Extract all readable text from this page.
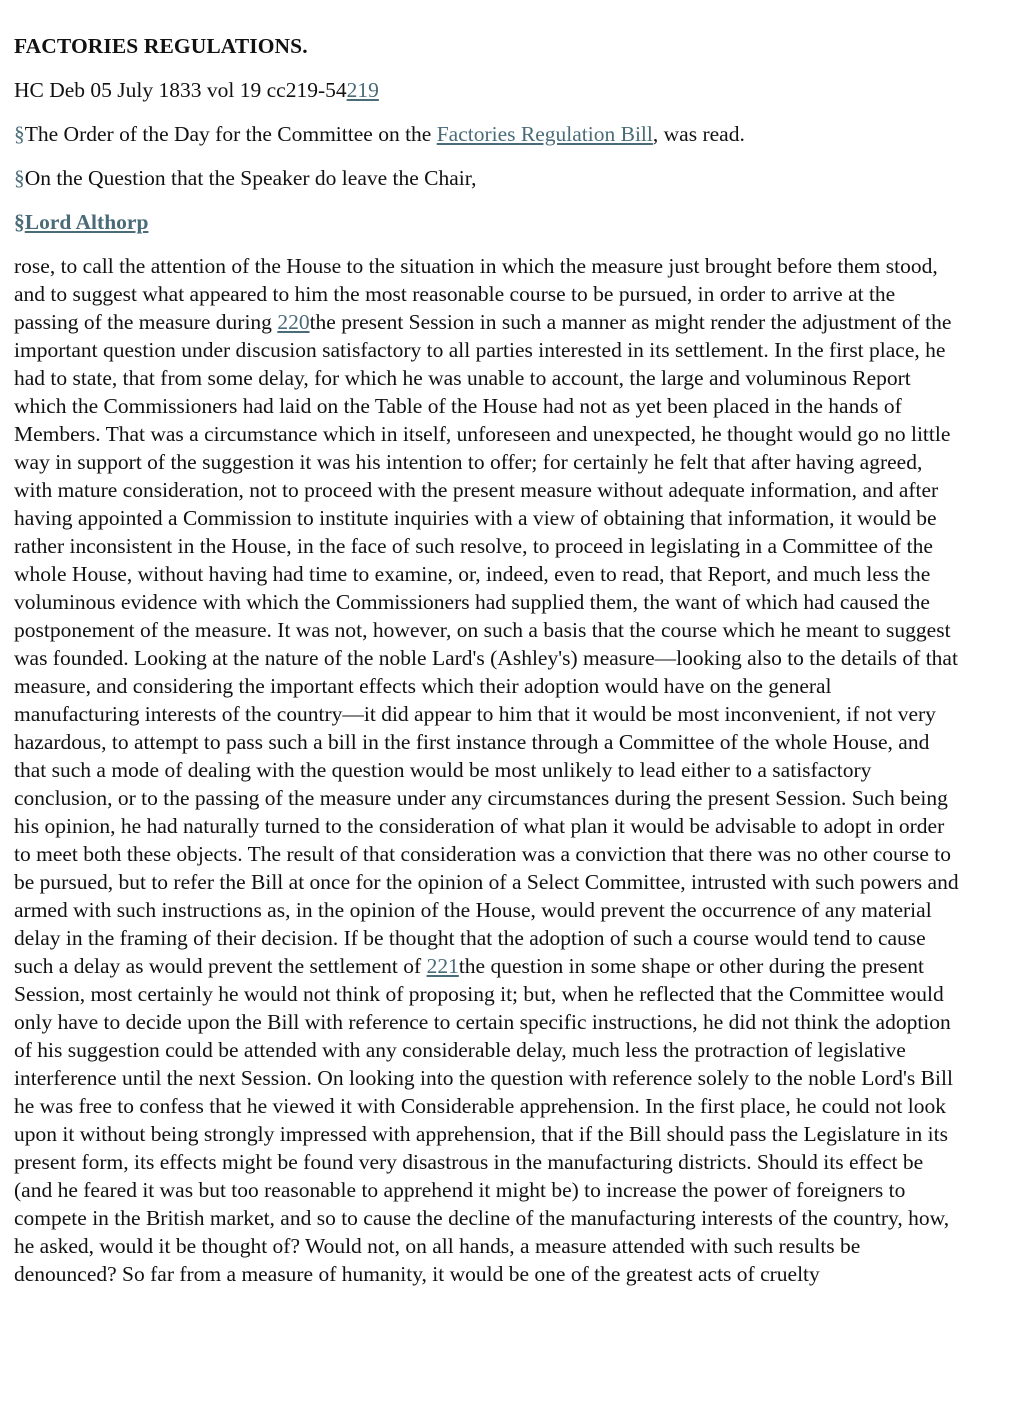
FACTORIES REGULATIONS.
HC Deb 05 July 1833 vol 19 cc219-54219
§The Order of the Day for the Committee on the Factories Regulation Bill, was read.
§On the Question that the Speaker do leave the Chair,
§Lord Althorp
rose, to call the attention of the House to the situation in which the measure just brought before them stood, and to suggest what appeared to him the most reasonable course to be pursued, in order to arrive at the passing of the measure during 220the present Session in such a manner as might render the adjustment of the important question under discusion satisfactory to all parties interested in its settlement. In the first place, he had to state, that from some delay, for which he was unable to account, the large and voluminous Report which the Commissioners had laid on the Table of the House had not as yet been placed in the hands of Members. That was a circumstance which in itself, unforeseen and unexpected, he thought would go no little way in support of the suggestion it was his intention to offer; for certainly he felt that after having agreed, with mature consideration, not to proceed with the present measure without adequate information, and after having appointed a Commission to institute inquiries with a view of obtaining that information, it would be rather inconsistent in the House, in the face of such resolve, to proceed in legislating in a Committee of the whole House, without having had time to examine, or, indeed, even to read, that Report, and much less the voluminous evidence with which the Commissioners had supplied them, the want of which had caused the postponement of the measure. It was not, however, on such a basis that the course which he meant to suggest was founded. Looking at the nature of the noble Lard's (Ashley's) measure—looking also to the details of that measure, and considering the important effects which their adoption would have on the general manufacturing interests of the country—it did appear to him that it would be most inconvenient, if not very hazardous, to attempt to pass such a bill in the first instance through a Committee of the whole House, and that such a mode of dealing with the question would be most unlikely to lead either to a satisfactory conclusion, or to the passing of the measure under any circumstances during the present Session. Such being his opinion, he had naturally turned to the consideration of what plan it would be advisable to adopt in order to meet both these objects. The result of that consideration was a conviction that there was no other course to be pursued, but to refer the Bill at once for the opinion of a Select Committee, intrusted with such powers and armed with such instructions as, in the opinion of the House, would prevent the occurrence of any material delay in the framing of their decision. If be thought that the adoption of such a course would tend to cause such a delay as would prevent the settlement of 221the question in some shape or other during the present Session, most certainly he would not think of proposing it; but, when he reflected that the Committee would only have to decide upon the Bill with reference to certain specific instructions, he did not think the adoption of his suggestion could be attended with any considerable delay, much less the protraction of legislative interference until the next Session. On looking into the question with reference solely to the noble Lord's Bill he was free to confess that he viewed it with Considerable apprehension. In the first place, he could not look upon it without being strongly impressed with apprehension, that if the Bill should pass the Legislature in its present form, its effects might be found very disastrous in the manufacturing districts. Should its effect be (and he feared it was but too reasonable to apprehend it might be) to increase the power of foreigners to compete in the British market, and so to cause the decline of the manufacturing interests of the country, how, he asked, would it be thought of? Would not, on all hands, a measure attended with such results be denounced? So far from a measure of humanity, it would be one of the greatest acts of cruelty
